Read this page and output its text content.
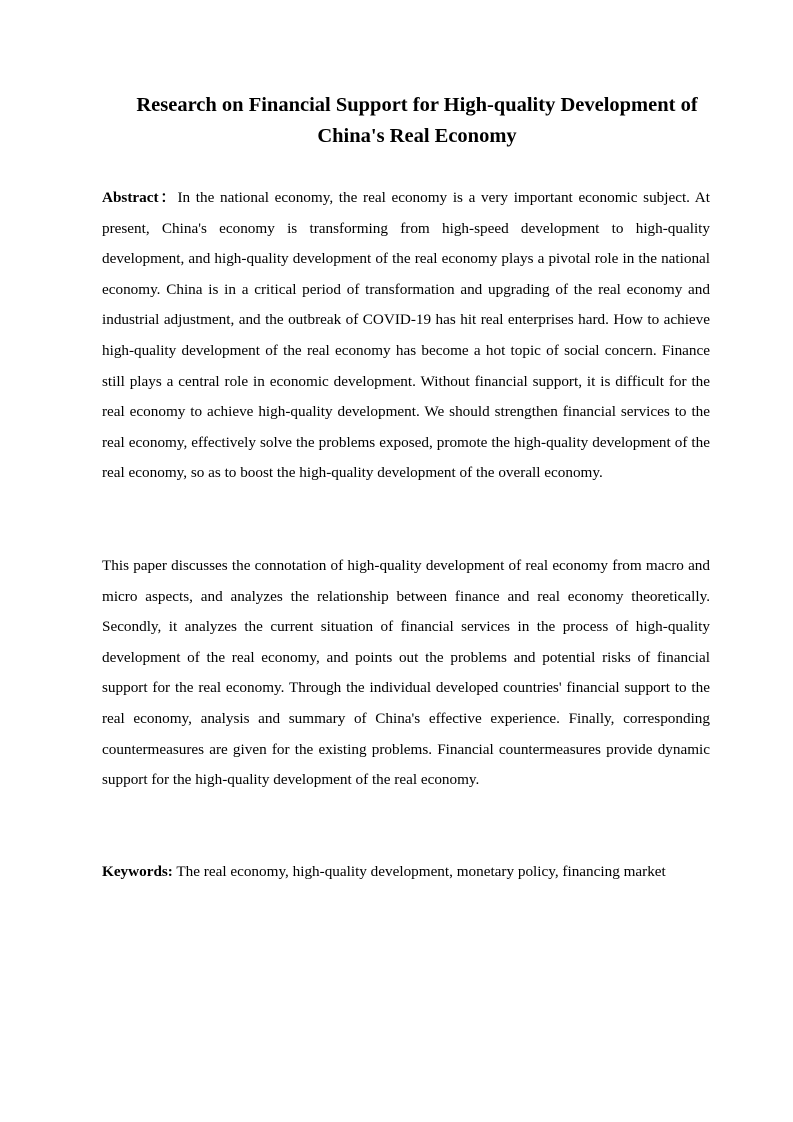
Research on Financial Support for High-quality Development of
China's Real Economy

Abstract：In the national economy, the real economy is a very important economic subject. At present, China's economy is transforming from high-speed development to high-quality development, and high-quality development of the real economy plays a pivotal role in the national economy. China is in a critical period of transformation and upgrading of the real economy and industrial adjustment, and the outbreak of COVID-19 has hit real enterprises hard. How to achieve high-quality development of the real economy has become a hot topic of social concern. Finance still plays a central role in economic development. Without financial support, it is difficult for the real economy to achieve high-quality development. We should strengthen financial services to the real economy, effectively solve the problems exposed, promote the high-quality development of the real economy, so as to boost the high-quality development of the overall economy.

This paper discusses the connotation of high-quality development of real economy from macro and micro aspects, and analyzes the relationship between finance and real economy theoretically. Secondly, it analyzes the current situation of financial services in the process of high-quality development of the real economy, and points out the problems and potential risks of financial support for the real economy. Through the individual developed countries' financial support to the real economy, analysis and summary of China's effective experience. Finally, corresponding countermeasures are given for the existing problems. Financial countermeasures provide dynamic support for the high-quality development of the real economy.

Keywords: The real economy, high-quality development, monetary policy, financing market
